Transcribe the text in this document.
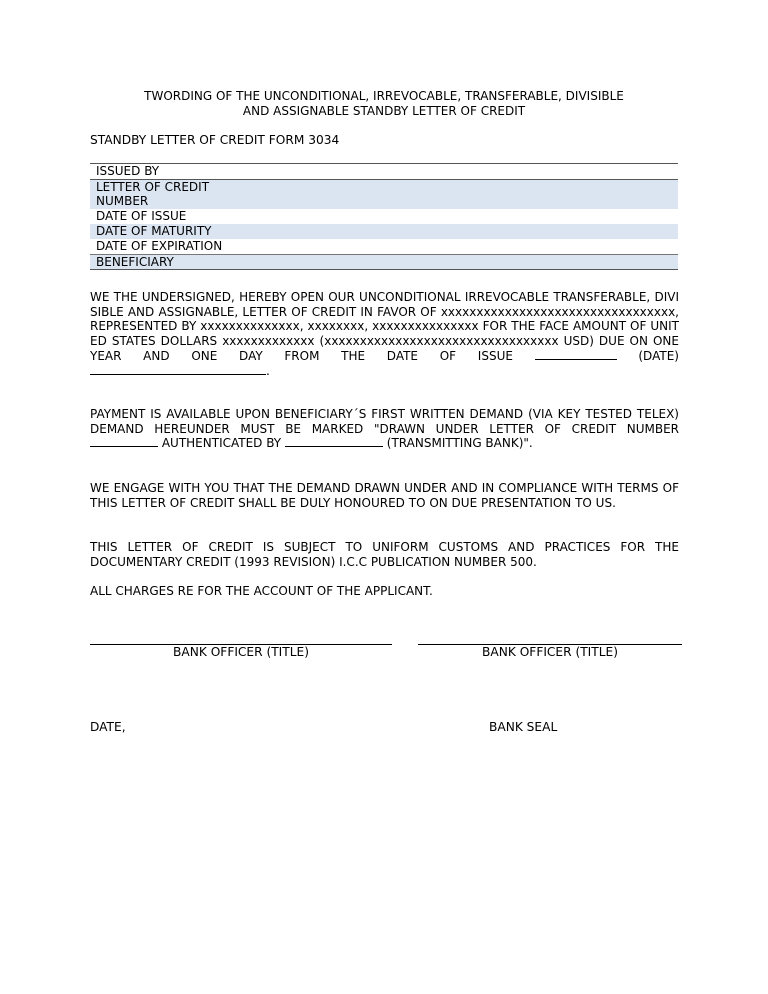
TWORDING OF THE UNCONDITIONAL, IRREVOCABLE, TRANSFERABLE, DIVISIBLE
AND ASSIGNABLE STANDBY LETTER OF CREDIT
STANDBY LETTER OF CREDIT FORM 3034
ISSUED BY
LETTER OF CREDIT
NUMBER
DATE OF ISSUE
DATE OF MATURITY
DATE OF EXPIRATION
BENEFICIARY

WE THE UNDERSIGNED, HEREBY OPEN OUR UNCONDITIONAL IRREVOCABLE TRANSFERABLE, DIVISIBLE AND ASSIGNABLE, LETTER OF CREDIT IN FAVOR OF xxxxxxxxxxxxxxxxxxxxxxxxxxxxxxxxx, REPRESENTED BY xxxxxxxxxxxxxx, xxxxxxxx, xxxxxxxxxxxxxxx FOR THE FACE AMOUNT OF UNITED STATES DOLLARS xxxxxxxxxxxxx (xxxxxxxxxxxxxxxxxxxxxxxxxxxxxxxxx USD) DUE ON ONE YEAR AND ONE DAY FROM THE DATE OF ISSUE	(DATE) .

PAYMENT IS AVAILABLE UPON BENEFICIARY´S FIRST WRITTEN DEMAND (VIA KEY TESTED TELEX) DEMAND HEREUNDER MUST BE MARKED "DRAWN UNDER LETTER OF CREDIT NUMBER  AUTHENTICATED BY	(TRANSMITTING BANK)".

WE ENGAGE WITH YOU THAT THE DEMAND DRAWN UNDER AND IN COMPLIANCE WITH TERMS OF THIS LETTER OF CREDIT SHALL BE DULY HONOURED TO ON DUE PRESENTATION TO US.

THIS LETTER OF CREDIT IS SUBJECT TO UNIFORM CUSTOMS AND PRACTICES FOR THE DOCUMENTARY CREDIT (1993 REVISION) I.C.C PUBLICATION NUMBER 500.

ALL CHARGES RE FOR THE ACCOUNT OF THE APPLICANT.

BANK OFFICER (TITLE)	BANK OFFICER (TITLE)
DATE,	BANK SEAL
